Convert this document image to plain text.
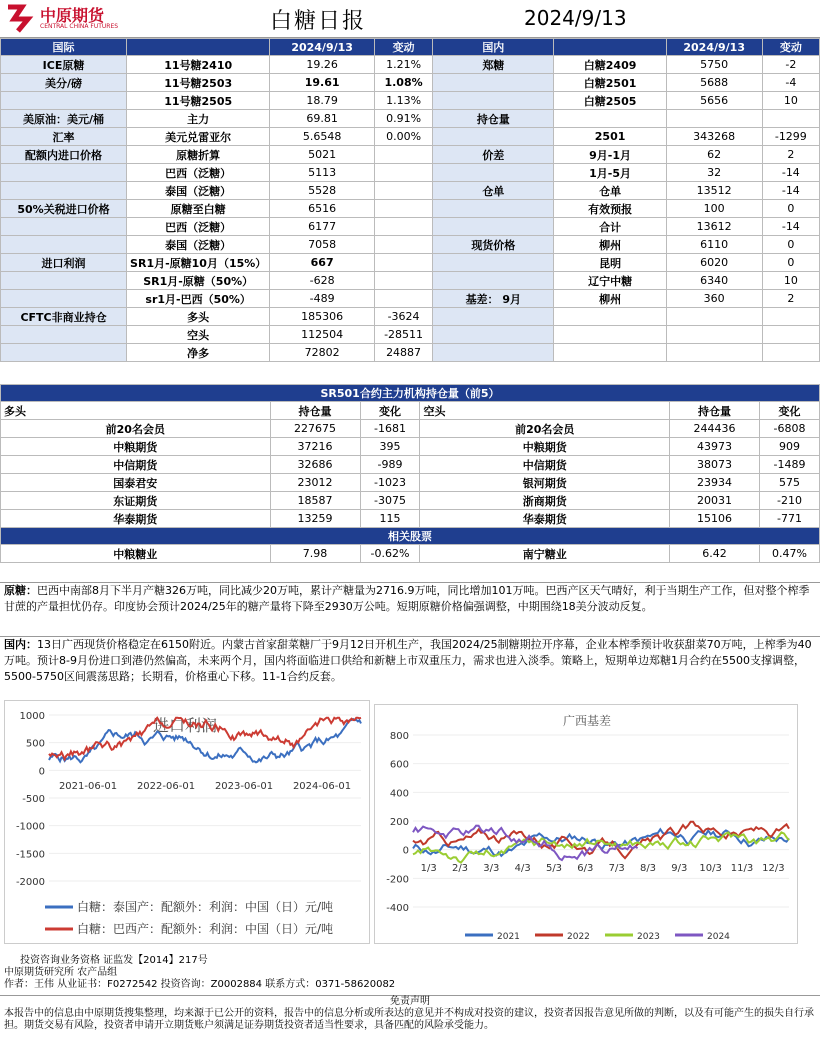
中原期货
CENTRAL CHINA FUTURES	白糖日报	2024/9/13
国际		2024/9/13	变动	国内		2024/9/13	变动
ICE原糖	11号糖2410	19.26	1.21%	郑糖	白糖2409	5750	-2
美分/磅	11号糖2503	19.61	1.08%		白糖2501	5688	-4
	11号糖2505	18.79	1.13%		白糖2505	5656	10
美原油：美元/桶	主力	69.81	0.91%	持仓量			
汇率	美元兑雷亚尔	5.6548	0.00%		2501	343268	-1299
配额内进口价格	原糖折算	5021		价差	9月-1月	62	2
	巴西（泛糖）	5113			1月-5月	32	-14
	泰国（泛糖）	5528		仓单	仓单	13512	-14
50%关税进口价格	原糖至白糖	6516			有效预报	100	0
	巴西（泛糖）	6177			合计	13612	-14
	泰国（泛糖）	7058		现货价格	柳州	6110	0
进口利润	SR1月-原糖10月（15%）	667			昆明	6020	0
	SR1月-原糖（50%）	-628			辽宁中糖	6340	10
	sr1月-巴西（50%）	-489		基差： 9月	柳州	360	2
CFTC非商业持仓	多头	185306	-3624				
	空头	112504	-28511				
	净多	72802	24887				
SR501合约主力机构持仓量（前5）					
多头	持仓量	变化	空头	持仓量	变化
前20名会员	227675	-1681	前20名会员	244436	-6808
中粮期货	37216	395	中粮期货	43973	909
中信期货	32686	-989	中信期货	38073	-1489
国泰君安	23012	-1023	银河期货	23934	575
东证期货	18587	-3075	浙商期货	20031	-210
华泰期货	13259	115	华泰期货	15106	-771
相关股票					
中粮糖业	7.98	-0.62%	南宁糖业	6.42	0.47%
原糖：巴西中南部8月下半月产糖326万吨，同比减少20万吨，累计产糖量为2716.9万吨，同比增加101万吨。巴西产区天气晴好，利于当期生产工作，但对整个榨季甘蔗的产量担忧仍存。印度协会预计2024/25年的糖产量将下降至2930万公吨。短期原糖价格偏强调整，中期围绕18美分波动反复。
国内：13日广西现货价格稳定在6150附近。内蒙古首家甜菜糖厂于9月12日开机生产，我国2024/25制糖期拉开序幕，企业本榨季预计收获甜菜70万吨，上榨季为40万吨。预计8-9月份进口到港仍然偏高，未来两个月，国内将面临进口供给和新糖上市双重压力，需求也进入淡季。策略上，短期单边郑糖1月合约在5500支撑调整，5500-5750区间震荡思路；长期看，价格重心下移。11-1合约反套。
进口利润
1000
500
0
-500
-1000
-1500
-2000
2021-06-01 2022-06-01 2023-06-01 2024-06-01
白糖：泰国产：配额外：利润：中国（日）元/吨
白糖：巴西产：配额外：利润：中国（日）元/吨
广西基差
800
600
400
200
0
-200
-400
1/3 2/3 3/3 4/3 5/3 6/3 7/3 8/3 9/3 10/3 11/3 12/3
2021	2022	2023	2024
投资咨询业务资格 证监发【2014】217号
中原期货研究所 农产品组
作者：王伟 从业证书：F0272542 投资咨询：Z0002884 联系方式：0371-58620082
免责声明
本报告中的信息由中原期货搜集整理，均来源于已公开的资料，报告中的信息分析或所表达的意见并不构成对投资的建议，投资者因报告意见所做的判断，以及有可能产生的损失自行承担。期货交易有风险，投资者申请开立期货账户须满足证券期货投资者适当性要求，具备匹配的风险承受能力。
